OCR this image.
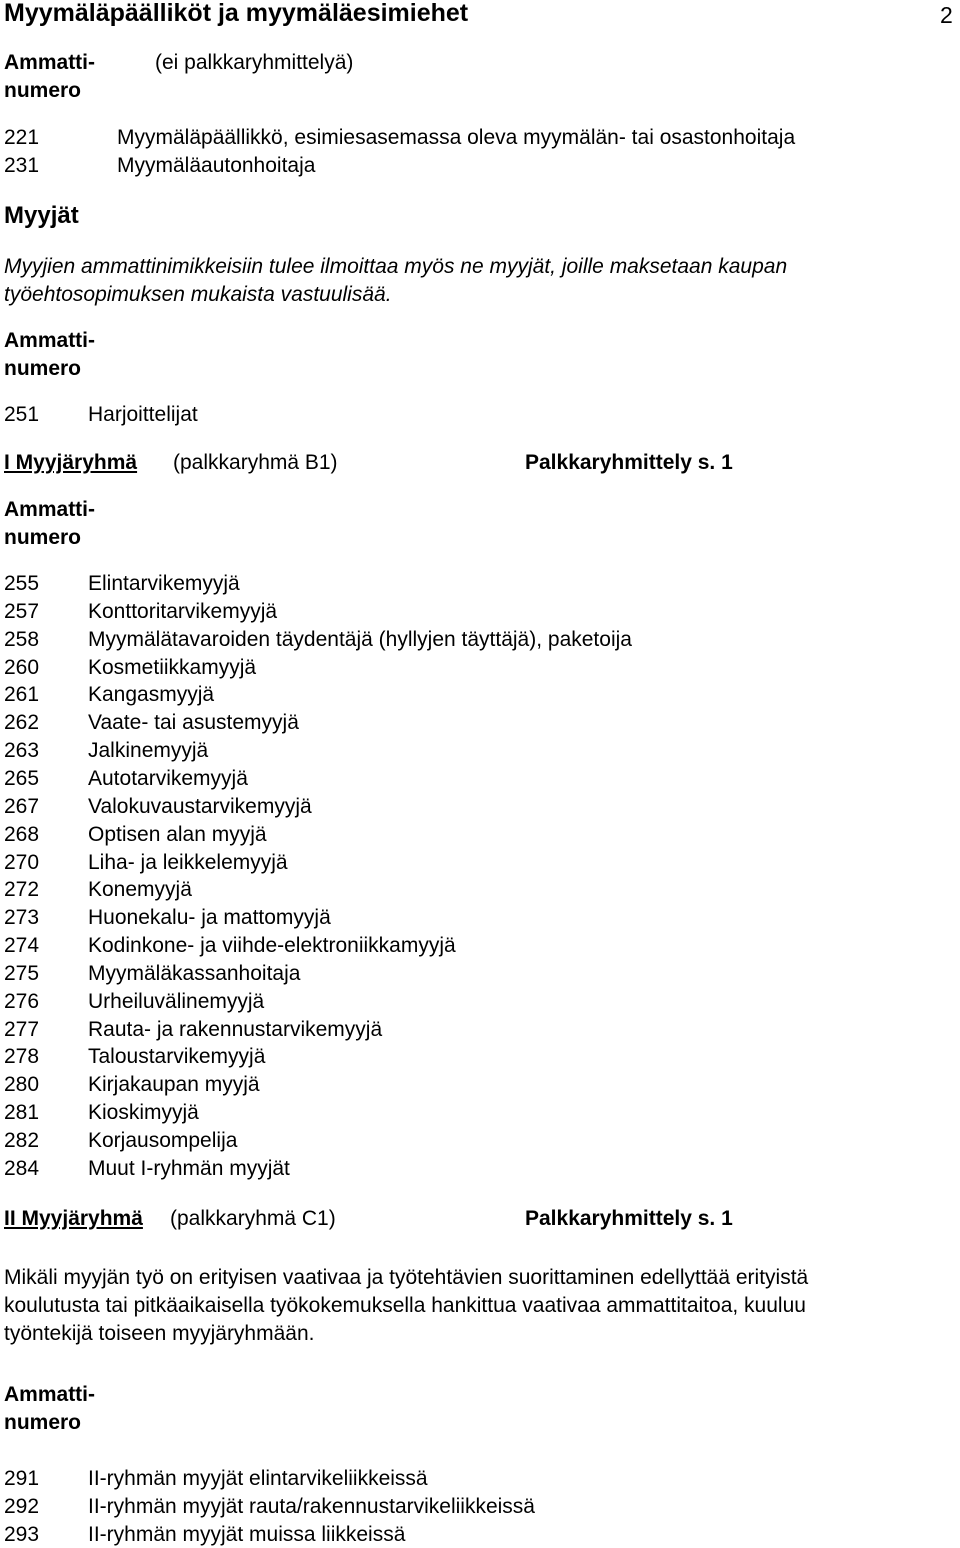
Myymäläpäälliköt ja myymäläesimiehet	2
Ammatti-
numero
(ei palkkaryhmittelyä)
221	Myymäläpäällikkö, esimiesasemassa oleva myymälän- tai osastonhoitaja
231	Myymäläautonhoitaja
Myyjät
Myyjien ammattinimikkeisiin tulee ilmoittaa myös ne myyjät, joille maksetaan kaupan
työehtosopimuksen mukaista vastuulisää.
Ammatti-
numero
251 Harjoittelijat
I Myyjäryhmä (palkkaryhmä B1)	Palkkaryhmittely s. 1
Ammatti-
numero
255 Elintarvikemyyjä
257 Konttoritarvikemyyjä
258 Myymälätavaroiden täydentäjä (hyllyjen täyttäjä), paketoija
260 Kosmetiikkamyyjä
261 Kangasmyyjä
262 Vaate- tai asustemyyjä
263 Jalkinemyyjä
265 Autotarvikemyyjä
267 Valokuvaustarvikemyyjä
268 Optisen alan myyjä
270 Liha- ja leikkelemyyjä
272 Konemyyjä
273 Huonekalu- ja mattomyyjä
274 Kodinkone- ja viihde-elektroniikkamyyjä
275 Myymäläkassanhoitaja
276 Urheiluvälinemyyjä
277 Rauta- ja rakennustarvikemyyjä
278 Taloustarvikemyyjä
280 Kirjakaupan myyjä
281 Kioskimyyjä
282 Korjausompelija
284 Muut I-ryhmän myyjät
II Myyjäryhmä (palkkaryhmä C1)	Palkkaryhmittely s. 1
Mikäli myyjän työ on erityisen vaativaa ja työtehtävien suorittaminen edellyttää erityistä
koulutusta tai pitkäaikaisella työkokemuksella hankittua vaativaa ammattitaitoa, kuuluu
työntekijä toiseen myyjäryhmään.
Ammatti-
numero
291 II-ryhmän myyjät elintarvikeliikkeissä
292 II-ryhmän myyjät rauta/rakennustarvikeliikkeissä
293 II-ryhmän myyjät muissa liikkeissä
